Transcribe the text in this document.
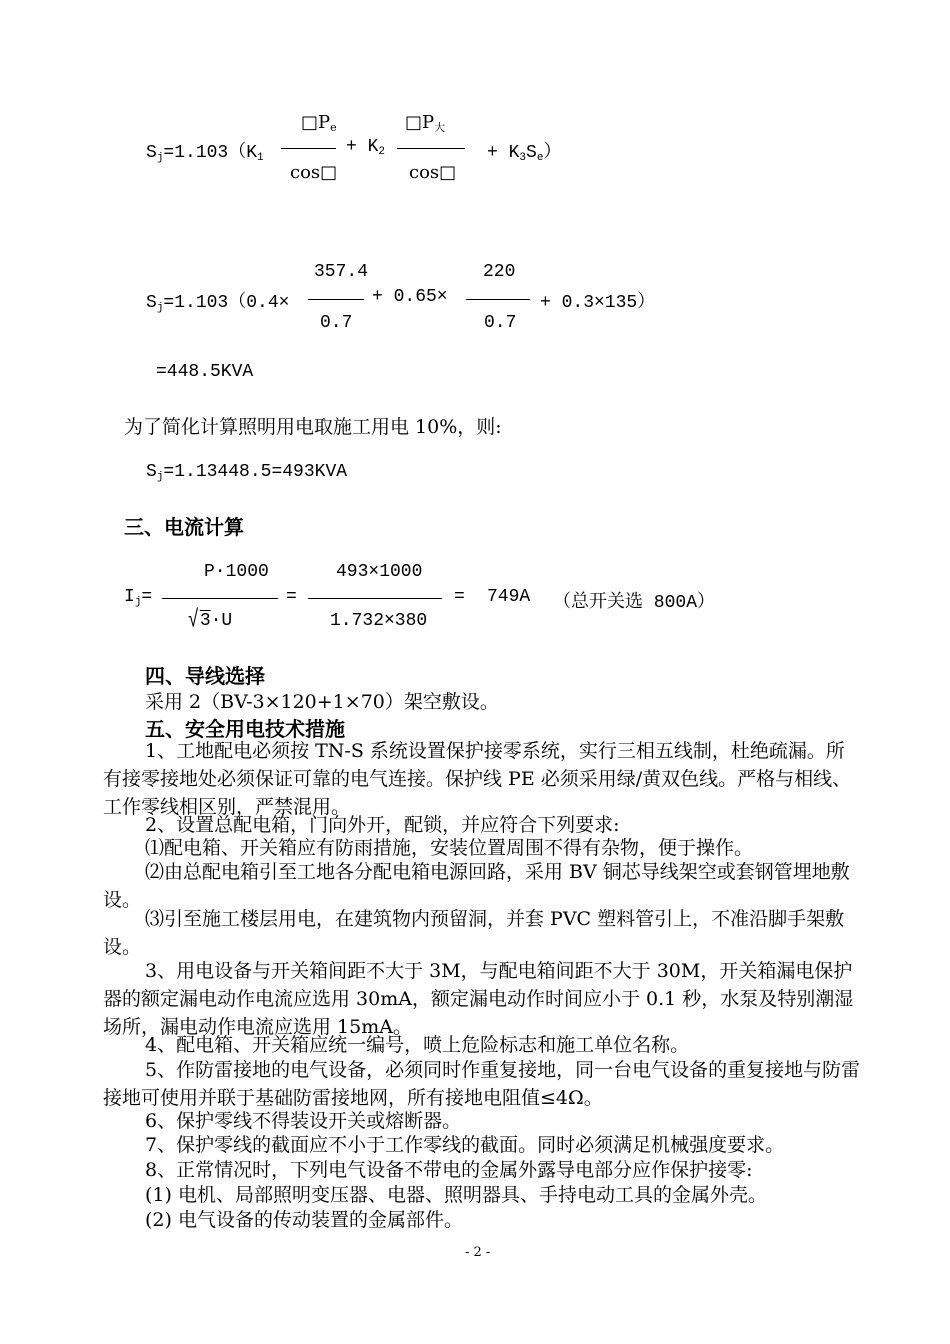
$S_j=1.103(K_1$
$□P_e$
cos□
+ $K_2$
$□P_大$
cos□
+ $K_3S_e$）
$S_j=1.103(0.4\times$
357.4
0.7
+ 0.65×
220
0.7
+ 0.3×135）
=448.5KVA
为了简化计算照明用电取施工用电 10%，则:
$S_j=1.13448.5=493KVA$
三、电流计算
$I_j=$
P·1000
√3·U
=
493×1000
1.732×380
= 749A （总开关选 800A）
四、导线选择
采用 2（BV-3×120+1×70）架空敷设。
五、安全用电技术措施
1、工地配电必须按 TN-S 系统设置保护接零系统，实行三相五线制，杜绝疏漏。所有接零接地处必须保证可靠的电气连接。保护线 PE 必须采用绿/黄双色线。严格与相线、工作零线相区别，严禁混用。
2、设置总配电箱，门向外开，配锁，并应符合下列要求:
⑴配电箱、开关箱应有防雨措施，安装位置周围不得有杂物，便于操作。
⑵由总配电箱引至工地各分配电箱电源回路，采用 BV 铜芯导线架空或套钢管埋地敷设。
⑶引至施工楼层用电，在建筑物内预留洞，并套 PVC 塑料管引上，不准沿脚手架敷设。
3、用电设备与开关箱间距不大于 3M，与配电箱间距不大于 30M，开关箱漏电保护器的额定漏电动作电流应选用 30mA，额定漏电动作时间应小于 0.1 秒，水泵及特别潮湿场所，漏电动作电流应选用 15mA。
4、配电箱、开关箱应统一编号，喷上危险标志和施工单位名称。
5、作防雷接地的电气设备，必须同时作重复接地，同一台电气设备的重复接地与防雷接地可使用并联于基础防雷接地网，所有接地电阻值≤4Ω。
6、保护零线不得装设开关或熔断器。
7、保护零线的截面应不小于工作零线的截面。同时必须满足机械强度要求。
8、正常情况时，下列电气设备不带电的金属外露导电部分应作保护接零:
(1) 电机、局部照明变压器、电器、照明器具、手持电动工具的金属外壳。
(2) 电气设备的传动装置的金属部件。
- 2 -
